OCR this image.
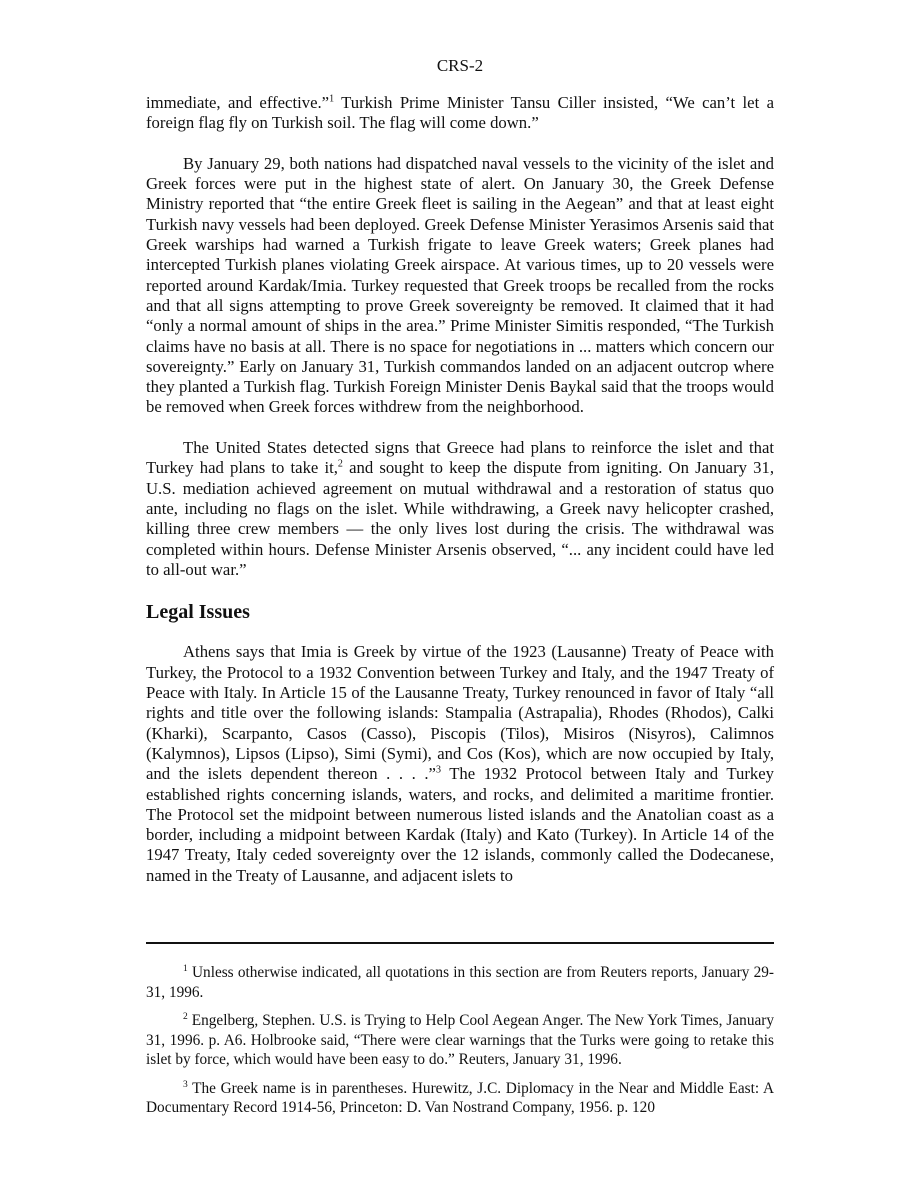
CRS-2

immediate, and effective.”$^1$ Turkish Prime Minister Tansu Ciller insisted, “We can’t let a foreign flag fly on Turkish soil. The flag will come down.”

By January 29, both nations had dispatched naval vessels to the vicinity of the islet and Greek forces were put in the highest state of alert. On January 30, the Greek Defense Ministry reported that “the entire Greek fleet is sailing in the Aegean” and that at least eight Turkish navy vessels had been deployed. Greek Defense Minister Yerasimos Arsenis said that Greek warships had warned a Turkish frigate to leave Greek waters; Greek planes had intercepted Turkish planes violating Greek airspace. At various times, up to 20 vessels were reported around Kardak/Imia. Turkey requested that Greek troops be recalled from the rocks and that all signs attempting to prove Greek sovereignty be removed. It claimed that it had “only a normal amount of ships in the area.” Prime Minister Simitis responded, “The Turkish claims have no basis at all. There is no space for negotiations in ... matters which concern our sovereignty.” Early on January 31, Turkish commandos landed on an adjacent outcrop where they planted a Turkish flag. Turkish Foreign Minister Denis Baykal said that the troops would be removed when Greek forces withdrew from the neighborhood.

The United States detected signs that Greece had plans to reinforce the islet and that Turkey had plans to take it,$^2$ and sought to keep the dispute from igniting. On January 31, U.S. mediation achieved agreement on mutual withdrawal and a restoration of status quo ante, including no flags on the islet. While withdrawing, a Greek navy helicopter crashed, killing three crew members — the only lives lost during the crisis. The withdrawal was completed within hours. Defense Minister Arsenis observed, “... any incident could have led to all-out war.”

Legal Issues

Athens says that Imia is Greek by virtue of the 1923 (Lausanne) Treaty of Peace with Turkey, the Protocol to a 1932 Convention between Turkey and Italy, and the 1947 Treaty of Peace with Italy. In Article 15 of the Lausanne Treaty, Turkey renounced in favor of Italy “all rights and title over the following islands: Stampalia (Astrapalia), Rhodes (Rhodos), Calki (Kharki), Scarpanto, Casos (Casso), Piscopis (Tilos), Misiros (Nisyros), Calimnos (Kalymnos), Lipsos (Lipso), Simi (Symi), and Cos (Kos), which are now occupied by Italy, and the islets dependent thereon . . . .”$^3$ The 1932 Protocol between Italy and Turkey established rights concerning islands, waters, and rocks, and delimited a maritime frontier. The Protocol set the midpoint between numerous listed islands and the Anatolian coast as a border, including a midpoint between Kardak (Italy) and Kato (Turkey). In Article 14 of the 1947 Treaty, Italy ceded sovereignty over the 12 islands, commonly called the Dodecanese, named in the Treaty of Lausanne, and adjacent islets to

$^1$ Unless otherwise indicated, all quotations in this section are from Reuters reports, January 29-31, 1996.

$^2$ Engelberg, Stephen. U.S. is Trying to Help Cool Aegean Anger. The New York Times, January 31, 1996. p. A6. Holbrooke said, “There were clear warnings that the Turks were going to retake this islet by force, which would have been easy to do.” Reuters, January 31, 1996.

$^3$ The Greek name is in parentheses. Hurewitz, J.C. Diplomacy in the Near and Middle East: A Documentary Record 1914-56, Princeton: D. Van Nostrand Company, 1956. p. 120
